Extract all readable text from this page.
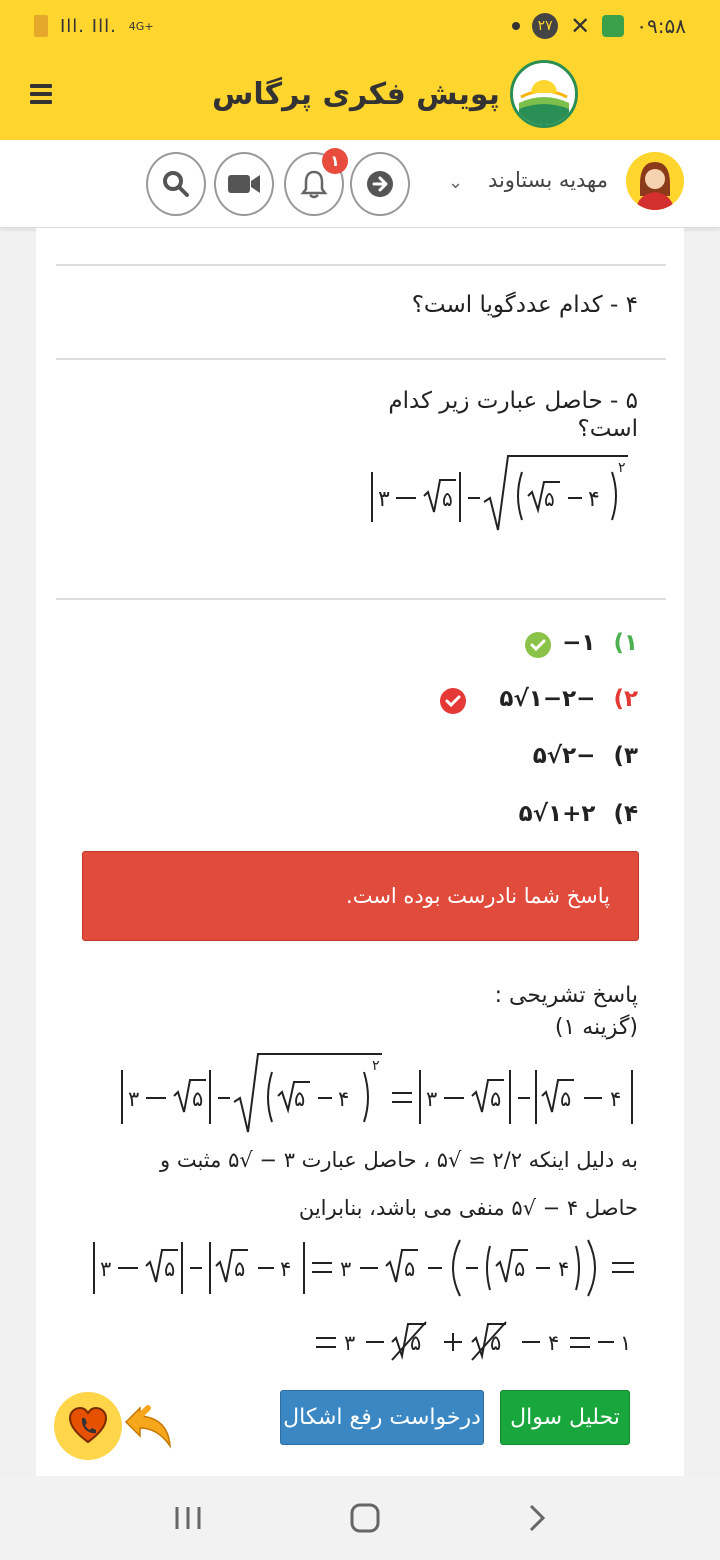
Ill. Ill. 4G+	۲۷ ✕ ۰۹:۵۸
پویش فکری پرگاس
۱
⌄ مهدیه بستاوند
۴ - کدام عددگویا است؟
۵ - حاصل عبارت زیر کدام
است؟
۳	۵	۵ ۴
۲
۱) ۱−
۲) −۱−۲√۵
۳) −۲√۵
۴) ۱+۲√۵
پاسخ شما نادرست بوده است.
پاسخ تشریحی :
(گزینه ۱)
۳	۵	۵ ۴
۲
۳	۵	۵ ۴
به دلیل اینکه ۲/۲ ≃ √۵ ، حاصل عبارت ۳ − √۵ مثبت و
حاصل ۴ − √۵ منفی می باشد، بنابراین
۳	۵	۵ ۴ ۳	۵	۵ ۴
۳	۵	۵ ۴	۱
تحلیل سوال
درخواست رفع اشکال
